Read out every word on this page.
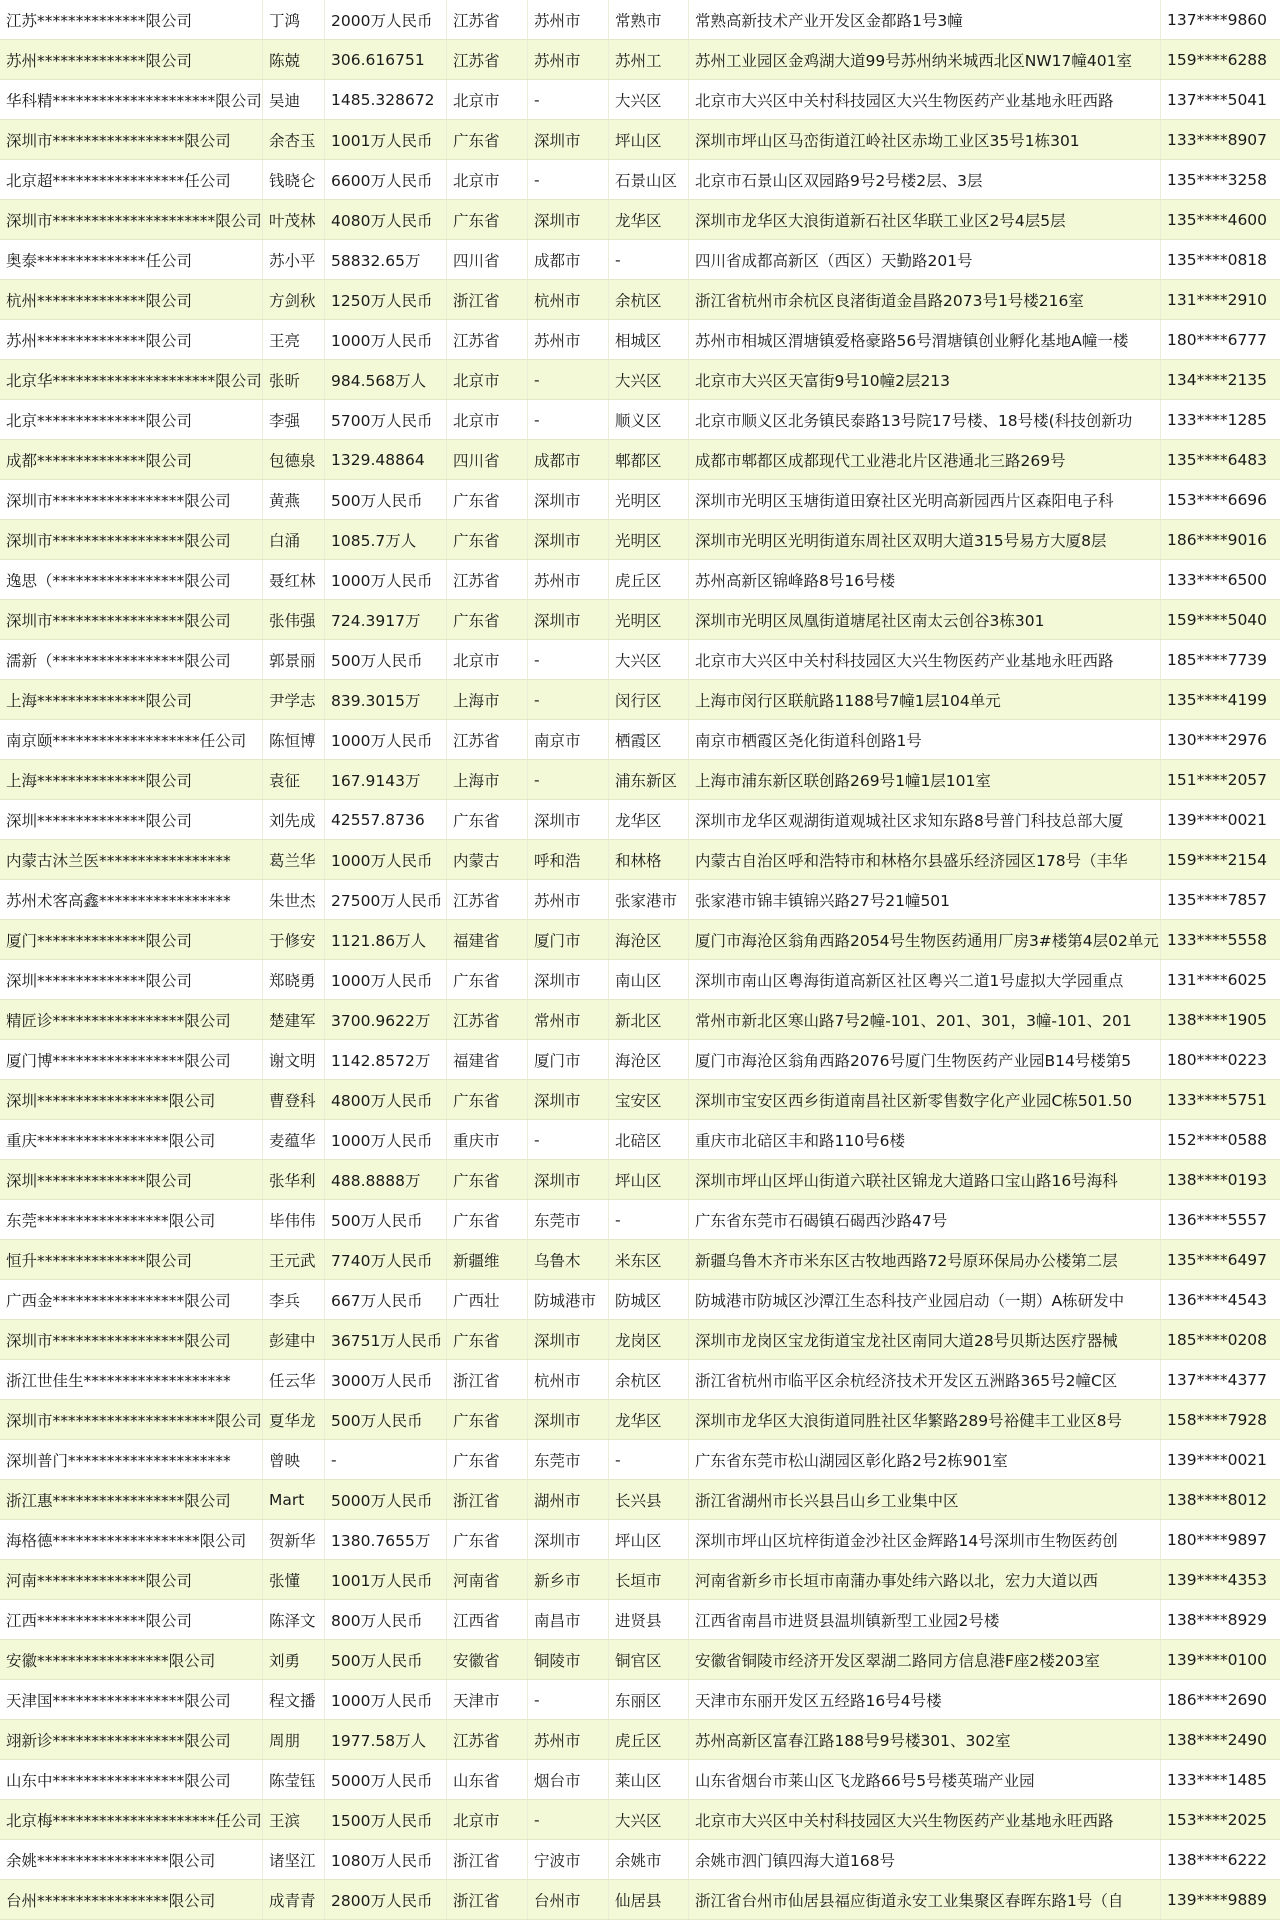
江苏**************限公司	丁鸿	2000万人民币	江苏省	苏州市	常熟市	常熟高新技术产业开发区金都路1号3幢	137****9860
苏州**************限公司	陈兢	306.616751	江苏省	苏州市	苏州工	苏州工业园区金鸡湖大道99号苏州纳米城西北区NW17幢401室	159****6288
华科精*********************限公司	吴迪	1485.328672	北京市	-	大兴区	北京市大兴区中关村科技园区大兴生物医药产业基地永旺西路	137****5041
深圳市*****************限公司	余杏玉	1001万人民币	广东省	深圳市	坪山区	深圳市坪山区马峦街道江岭社区赤坳工业区35号1栋301	133****8907
北京超*****************任公司	钱晓仑	6600万人民币	北京市	-	石景山区	北京市石景山区双园路9号2号楼2层、3层	135****3258
深圳市*********************限公司	叶茂林	4080万人民币	广东省	深圳市	龙华区	深圳市龙华区大浪街道新石社区华联工业区2号4层5层	135****4600
奥泰**************任公司	苏小平	58832.65万	四川省	成都市	-	四川省成都高新区（西区）天勤路201号	135****0818
杭州**************限公司	方剑秋	1250万人民币	浙江省	杭州市	余杭区	浙江省杭州市余杭区良渚街道金昌路2073号1号楼216室	131****2910
苏州**************限公司	王亮	1000万人民币	江苏省	苏州市	相城区	苏州市相城区渭塘镇爱格豪路56号渭塘镇创业孵化基地A幢一楼	180****6777
北京华*********************限公司	张昕	984.568万人	北京市	-	大兴区	北京市大兴区天富街9号10幢2层213	134****2135
北京**************限公司	李强	5700万人民币	北京市	-	顺义区	北京市顺义区北务镇民泰路13号院17号楼、18号楼(科技创新功	133****1285
成都**************限公司	包德泉	1329.48864	四川省	成都市	郫都区	成都市郫都区成都现代工业港北片区港通北三路269号	135****6483
深圳市*****************限公司	黄燕	500万人民币	广东省	深圳市	光明区	深圳市光明区玉塘街道田寮社区光明高新园西片区森阳电子科	153****6696
深圳市*****************限公司	白涌	1085.7万人	广东省	深圳市	光明区	深圳市光明区光明街道东周社区双明大道315号易方大厦8层	186****9016
逸思（*****************限公司	聂红林	1000万人民币	江苏省	苏州市	虎丘区	苏州高新区锦峰路8号16号楼	133****6500
深圳市*****************限公司	张伟强	724.3917万	广东省	深圳市	光明区	深圳市光明区凤凰街道塘尾社区南太云创谷3栋301	159****5040
濡新（*****************限公司	郭景丽	500万人民币	北京市	-	大兴区	北京市大兴区中关村科技园区大兴生物医药产业基地永旺西路	185****7739
上海**************限公司	尹学志	839.3015万	上海市	-	闵行区	上海市闵行区联航路1188号7幢1层104单元	135****4199
南京颐*******************任公司	陈恒博	1000万人民币	江苏省	南京市	栖霞区	南京市栖霞区尧化街道科创路1号	130****2976
上海**************限公司	袁征	167.9143万	上海市	-	浦东新区	上海市浦东新区联创路269号1幢1层101室	151****2057
深圳**************限公司	刘先成	42557.8736	广东省	深圳市	龙华区	深圳市龙华区观湖街道观城社区求知东路8号普门科技总部大厦	139****0021
内蒙古沐兰医*****************	葛兰华	1000万人民币	内蒙古	呼和浩	和林格	内蒙古自治区呼和浩特市和林格尔县盛乐经济园区178号（丰华	159****2154
苏州术客高鑫*****************	朱世杰	27500万人民币	江苏省	苏州市	张家港市	张家港市锦丰镇锦兴路27号21幢501	135****7857
厦门**************限公司	于修安	1121.86万人	福建省	厦门市	海沧区	厦门市海沧区翁角西路2054号生物医药通用厂房3#楼第4层02单元	133****5558
深圳**************限公司	郑晓勇	1000万人民币	广东省	深圳市	南山区	深圳市南山区粤海街道高新区社区粤兴二道1号虚拟大学园重点	131****6025
精匠诊*****************限公司	楚建军	3700.9622万	江苏省	常州市	新北区	常州市新北区寒山路7号2幢-101、201、301，3幢-101、201	138****1905
厦门博*****************限公司	谢文明	1142.8572万	福建省	厦门市	海沧区	厦门市海沧区翁角西路2076号厦门生物医药产业园B14号楼第5	180****0223
深圳*****************限公司	曹登科	4800万人民币	广东省	深圳市	宝安区	深圳市宝安区西乡街道南昌社区新零售数字化产业园C栋501.50	133****5751
重庆*****************限公司	麦蕴华	1000万人民币	重庆市	-	北碚区	重庆市北碚区丰和路110号6楼	152****0588
深圳**************限公司	张华利	488.8888万	广东省	深圳市	坪山区	深圳市坪山区坪山街道六联社区锦龙大道路口宝山路16号海科	138****0193
东莞*****************限公司	毕伟伟	500万人民币	广东省	东莞市	-	广东省东莞市石碣镇石碣西沙路47号	136****5557
恒升**************限公司	王元武	7740万人民币	新疆维	乌鲁木	米东区	新疆乌鲁木齐市米东区古牧地西路72号原环保局办公楼第二层	135****6497
广西金*****************限公司	李兵	667万人民币	广西壮	防城港市	防城区	防城港市防城区沙潭江生态科技产业园启动（一期）A栋研发中	136****4543
深圳市*****************限公司	彭建中	36751万人民币	广东省	深圳市	龙岗区	深圳市龙岗区宝龙街道宝龙社区南同大道28号贝斯达医疗器械	185****0208
浙江世佳生*******************	任云华	3000万人民币	浙江省	杭州市	余杭区	浙江省杭州市临平区余杭经济技术开发区五洲路365号2幢C区	137****4377
深圳市*********************限公司	夏华龙	500万人民币	广东省	深圳市	龙华区	深圳市龙华区大浪街道同胜社区华繁路289号裕健丰工业区8号	158****7928
深圳普门*********************	曾映	-	广东省	东莞市	-	广东省东莞市松山湖园区彰化路2号2栋901室	139****0021
浙江惠*****************限公司	Mart	5000万人民币	浙江省	湖州市	长兴县	浙江省湖州市长兴县吕山乡工业集中区	138****8012
海格德*******************限公司	贺新华	1380.7655万	广东省	深圳市	坪山区	深圳市坪山区坑梓街道金沙社区金辉路14号深圳市生物医药创	180****9897
河南**************限公司	张懂	1001万人民币	河南省	新乡市	长垣市	河南省新乡市长垣市南蒲办事处纬六路以北，宏力大道以西	139****4353
江西**************限公司	陈泽文	800万人民币	江西省	南昌市	进贤县	江西省南昌市进贤县温圳镇新型工业园2号楼	138****8929
安徽*****************限公司	刘勇	500万人民币	安徽省	铜陵市	铜官区	安徽省铜陵市经济开发区翠湖二路同方信息港F座2楼203室	139****0100
天津国*****************限公司	程文播	1000万人民币	天津市	-	东丽区	天津市东丽开发区五经路16号4号楼	186****2690
翊新诊*****************限公司	周朋	1977.58万人	江苏省	苏州市	虎丘区	苏州高新区富春江路188号9号楼301、302室	138****2490
山东中*****************限公司	陈莹钰	5000万人民币	山东省	烟台市	莱山区	山东省烟台市莱山区飞龙路66号5号楼英瑞产业园	133****1485
北京梅*********************任公司	王滨	1500万人民币	北京市	-	大兴区	北京市大兴区中关村科技园区大兴生物医药产业基地永旺西路	153****2025
余姚*****************限公司	诸坚江	1080万人民币	浙江省	宁波市	余姚市	余姚市泗门镇四海大道168号	138****6222
台州*****************限公司	成青青	2800万人民币	浙江省	台州市	仙居县	浙江省台州市仙居县福应街道永安工业集聚区春晖东路1号（自	139****9889
